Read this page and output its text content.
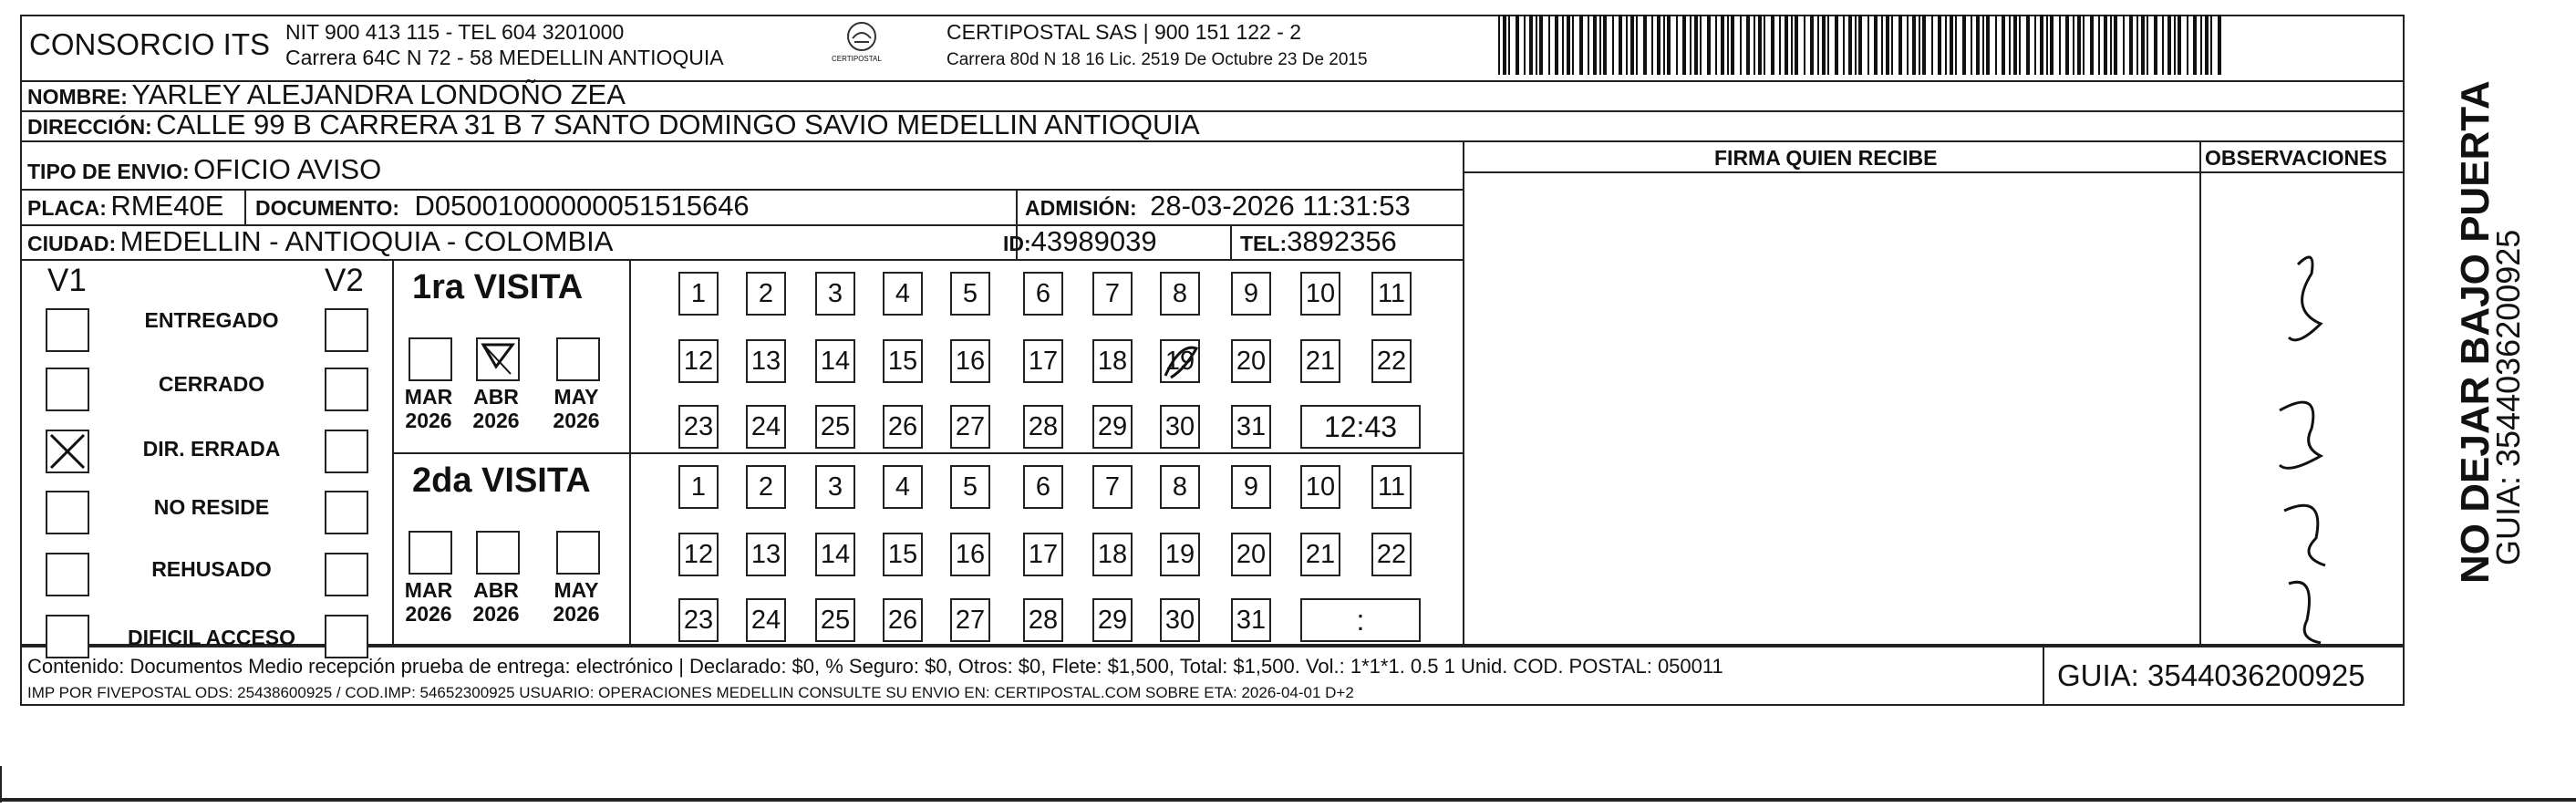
CONSORCIO ITS NIT 900 413 115 - TEL 604 3201000
Carrera 64C N 72 - 58 MEDELLIN ANTIOQUIA	CERTIPOSTAL
CERTIPOSTAL SAS | 900 151 122 - 2
Carrera 80d N 18 16 Lic. 2519 De Octubre 23 De 2015
NOMBRE: YARLEY ALEJANDRA LONDOÑO ZEA
DIRECCIÓN: CALLE 99 B CARRERA 31 B 7 SANTO DOMINGO SAVIO MEDELLIN ANTIOQUIA
TIPO DE ENVIO: OFICIO AVISO	FIRMA QUIEN RECIBE	OBSERVACIONES
PLACA: RME40E DOCUMENTO: D05001000000051515646	ADMISIÓN: 28-03-2026 11:31:53
CIUDAD: MEDELLIN - ANTIOQUIA - COLOMBIA	ID:43989039	TEL:3892356
V1	V2
ENTREGADO
CERRADO
DIR. ERRADA
NO RESIDE
REHUSADO
DIFICIL ACCESO
1ra VISITA
MAR
2026
ABR
2026
MAY
2026
1	2	3	4	5	6	7	8	9	10 11
12 13 14 15 16 17 18 19 20 21 22
23 24 25 26 27 28 29 30 31	12:43
2da VISITA
MAR
2026
ABR
2026
MAY
2026
1	2	3	4	5	6	7	8	9	10 11
12 13 14 15 16 17 18 19 20 21 22
23 24 25 26 27 28 29 30 31	:
Contenido: Documentos Medio recepción prueba de entrega: electrónico | Declarado: $0, % Seguro: $0, Otros: $0, Flete: $1,500, Total: $1,500. Vol.: 1*1*1. 0.5 1 Unid. COD. POSTAL: 050011
IMP POR FIVEPOSTAL ODS: 25438600925 / COD.IMP: 54652300925 USUARIO: OPERACIONES MEDELLIN CONSULTE SU ENVIO EN: CERTIPOSTAL.COM SOBRE ETA: 2026-04-01 D+2
GUIA: 3544036200925
NO DEJAR BAJO PUERTA
GUIA: 3544036200925
